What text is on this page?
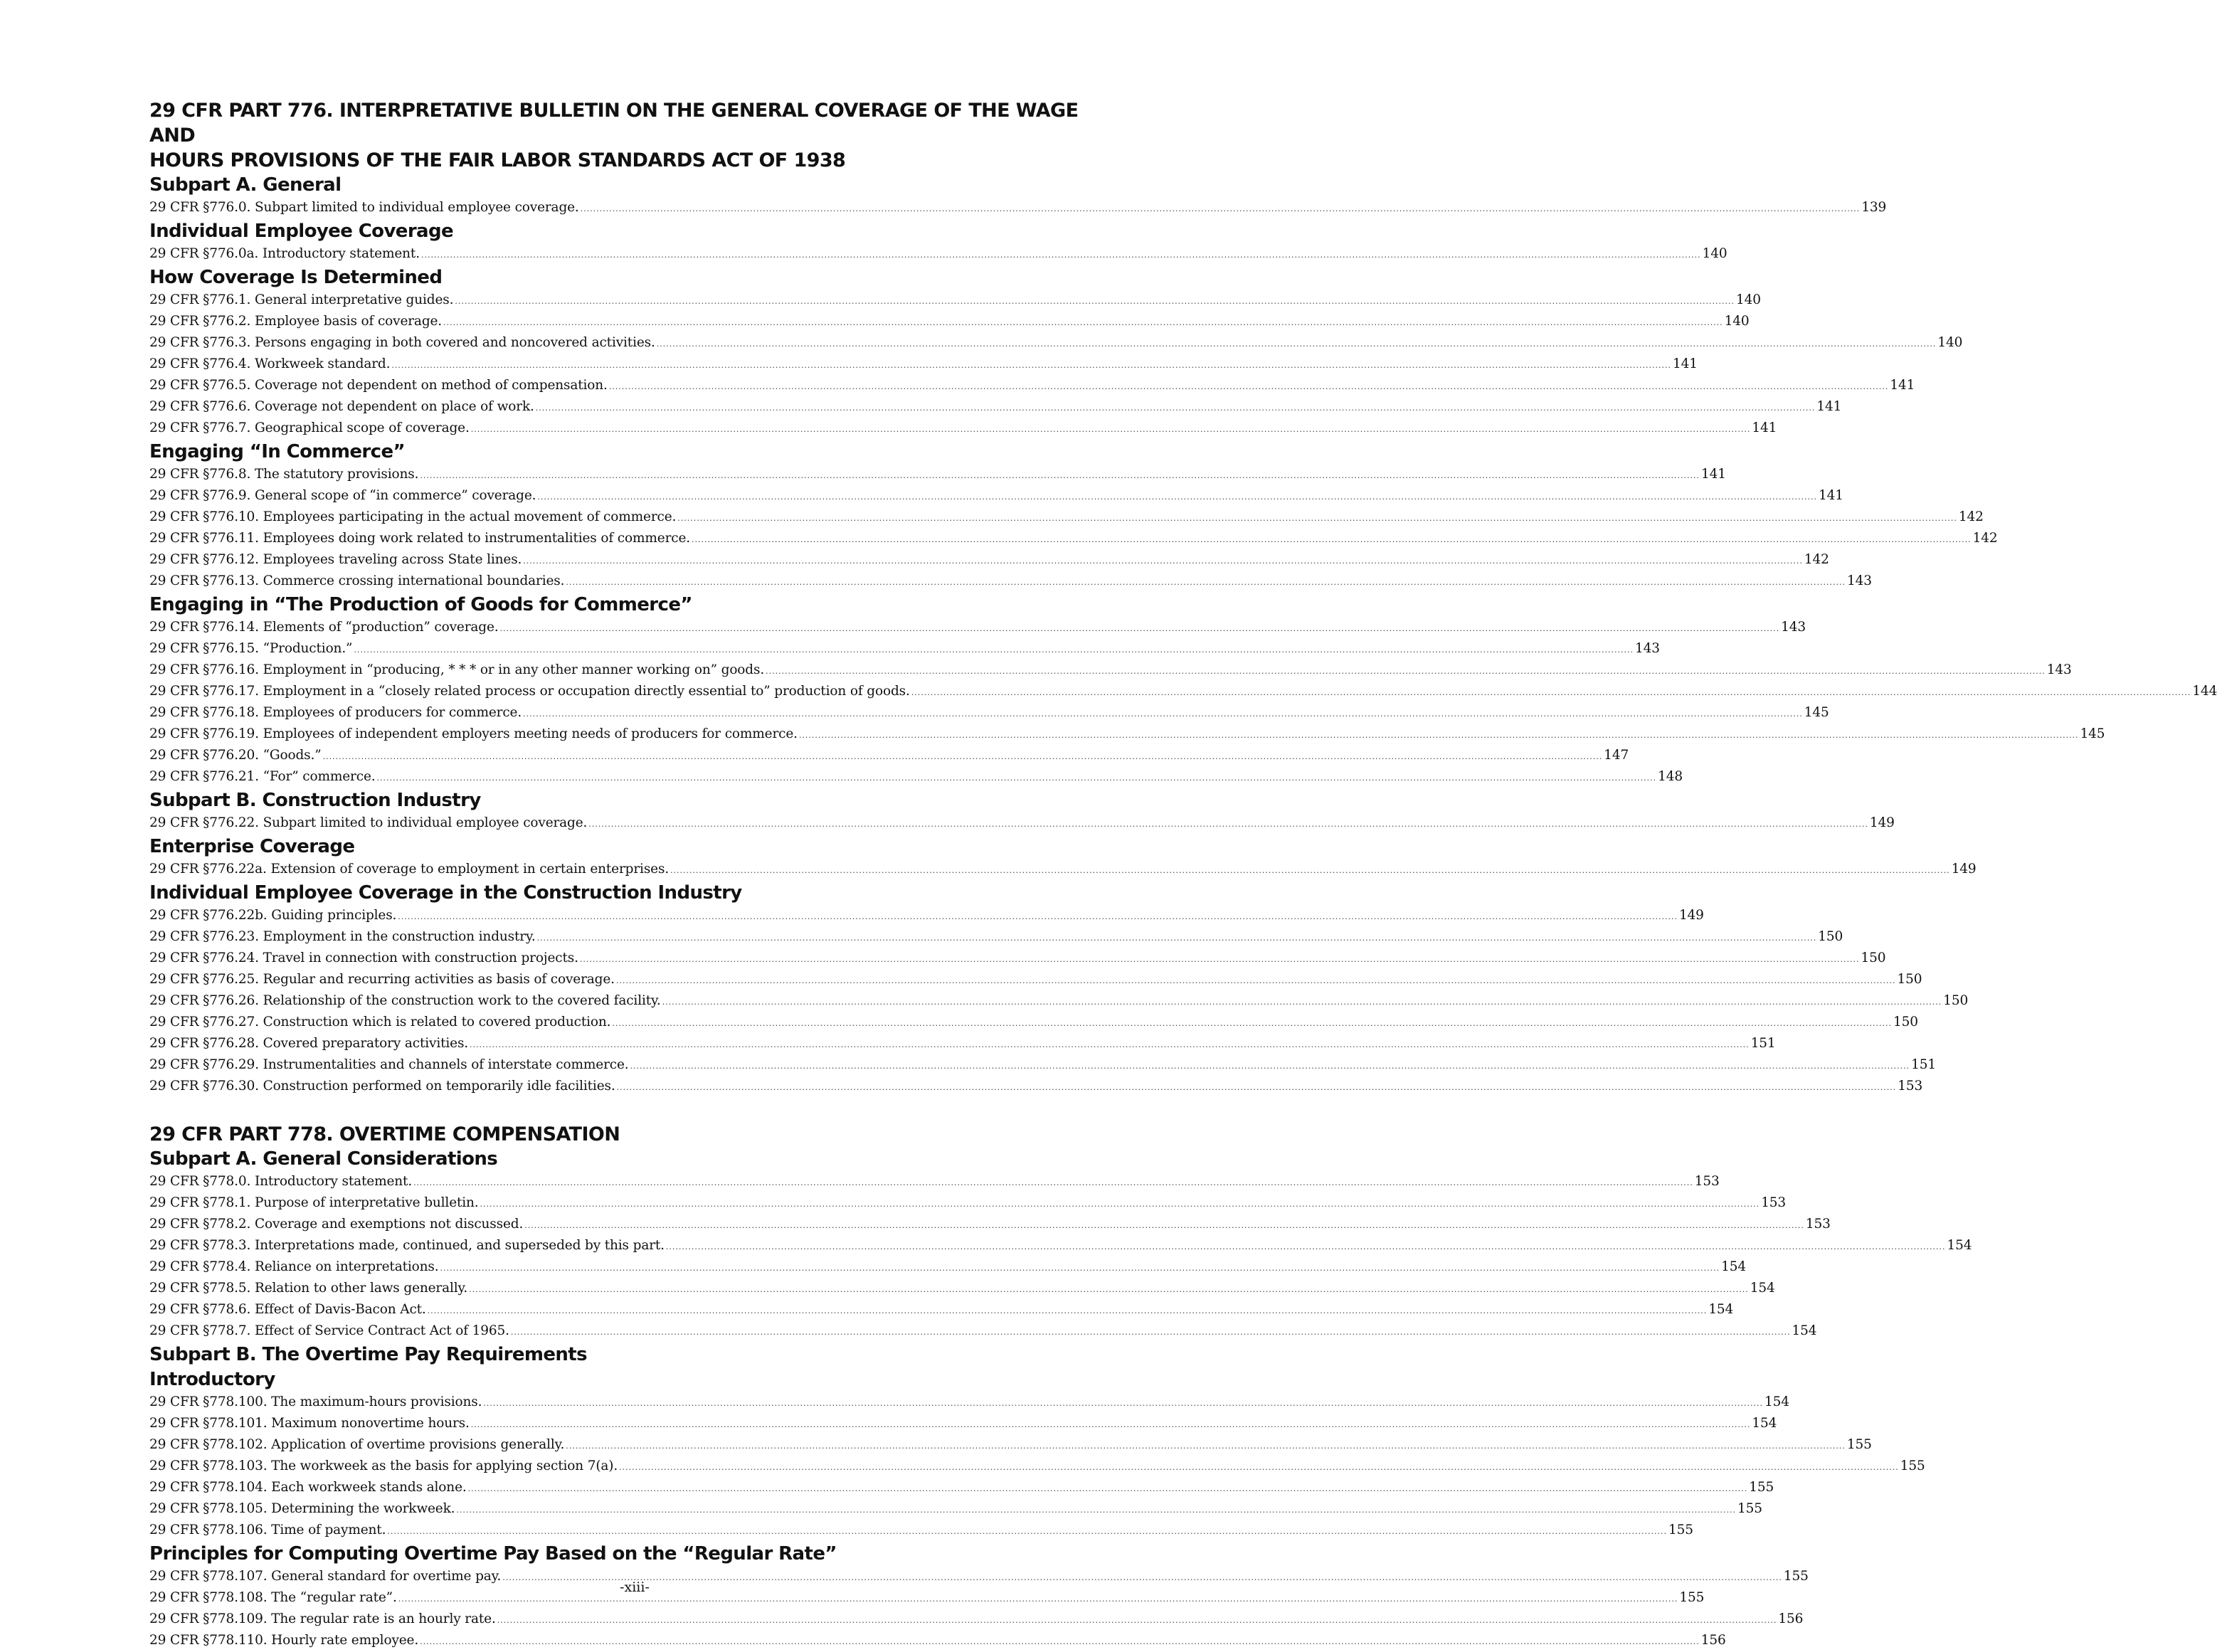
29 CFR PART 776. INTERPRETATIVE BULLETIN ON THE GENERAL COVERAGE OF THE WAGE AND
HOURS PROVISIONS OF THE FAIR LABOR STANDARDS ACT OF 1938
Subpart A. General
29 CFR §776.0. Subpart limited to individual employee coverage. ................................................................................................................................................................................................................................................................................................................................................................................................................ 139
Individual Employee Coverage
29 CFR §776.0a. Introductory statement. ................................................................................................................................................................................................................................................................................................................................................................................................................ 140
How Coverage Is Determined
29 CFR §776.1. General interpretative guides. ................................................................................................................................................................................................................................................................................................................................................................................................................ 140
29 CFR §776.2. Employee basis of coverage. ................................................................................................................................................................................................................................................................................................................................................................................................................ 140
29 CFR §776.3. Persons engaging in both covered and noncovered activities. ................................................................................................................................................................................................................................................................................................................................................................................................................ 140
29 CFR §776.4. Workweek standard. ................................................................................................................................................................................................................................................................................................................................................................................................................ 141
29 CFR §776.5. Coverage not dependent on method of compensation. ................................................................................................................................................................................................................................................................................................................................................................................................................ 141
29 CFR §776.6. Coverage not dependent on place of work. ................................................................................................................................................................................................................................................................................................................................................................................................................ 141
29 CFR §776.7. Geographical scope of coverage. ................................................................................................................................................................................................................................................................................................................................................................................................................ 141
Engaging “In Commerce”
29 CFR §776.8. The statutory provisions. ................................................................................................................................................................................................................................................................................................................................................................................................................ 141
29 CFR §776.9. General scope of “in commerce” coverage. ................................................................................................................................................................................................................................................................................................................................................................................................................ 141
29 CFR §776.10. Employees participating in the actual movement of commerce. ................................................................................................................................................................................................................................................................................................................................................................................................................ 142
29 CFR §776.11. Employees doing work related to instrumentalities of commerce. ................................................................................................................................................................................................................................................................................................................................................................................................................ 142
29 CFR §776.12. Employees traveling across State lines. ................................................................................................................................................................................................................................................................................................................................................................................................................ 142
29 CFR §776.13. Commerce crossing international boundaries. ................................................................................................................................................................................................................................................................................................................................................................................................................ 143
Engaging in “The Production of Goods for Commerce”
29 CFR §776.14. Elements of “production” coverage. ................................................................................................................................................................................................................................................................................................................................................................................................................ 143
29 CFR §776.15. “Production.” ................................................................................................................................................................................................................................................................................................................................................................................................................ 143
29 CFR §776.16. Employment in “producing, * * * or in any other manner working on” goods. ................................................................................................................................................................................................................................................................................................................................................................................................................ 143
29 CFR §776.17. Employment in a “closely related process or occupation directly essential to” production of goods. ................................................................................................................................................................................................................................................................................................................................................................................................................ 144
29 CFR §776.18. Employees of producers for commerce. ................................................................................................................................................................................................................................................................................................................................................................................................................ 145
29 CFR §776.19. Employees of independent employers meeting needs of producers for commerce. ................................................................................................................................................................................................................................................................................................................................................................................................................ 145
29 CFR §776.20. “Goods.” ................................................................................................................................................................................................................................................................................................................................................................................................................ 147
29 CFR §776.21. “For” commerce. ................................................................................................................................................................................................................................................................................................................................................................................................................ 148
Subpart B. Construction Industry
29 CFR §776.22. Subpart limited to individual employee coverage. ................................................................................................................................................................................................................................................................................................................................................................................................................ 149
Enterprise Coverage
29 CFR §776.22a. Extension of coverage to employment in certain enterprises. ................................................................................................................................................................................................................................................................................................................................................................................................................ 149
Individual Employee Coverage in the Construction Industry
29 CFR §776.22b. Guiding principles. ................................................................................................................................................................................................................................................................................................................................................................................................................ 149
29 CFR §776.23. Employment in the construction industry. ................................................................................................................................................................................................................................................................................................................................................................................................................ 150
29 CFR §776.24. Travel in connection with construction projects. ................................................................................................................................................................................................................................................................................................................................................................................................................ 150
29 CFR §776.25. Regular and recurring activities as basis of coverage. ................................................................................................................................................................................................................................................................................................................................................................................................................ 150
29 CFR §776.26. Relationship of the construction work to the covered facility. ................................................................................................................................................................................................................................................................................................................................................................................................................ 150
29 CFR §776.27. Construction which is related to covered production. ................................................................................................................................................................................................................................................................................................................................................................................................................ 150
29 CFR §776.28. Covered preparatory activities. ................................................................................................................................................................................................................................................................................................................................................................................................................ 151
29 CFR §776.29. Instrumentalities and channels of interstate commerce. ................................................................................................................................................................................................................................................................................................................................................................................................................ 151
29 CFR §776.30. Construction performed on temporarily idle facilities. ................................................................................................................................................................................................................................................................................................................................................................................................................ 153
29 CFR PART 778. OVERTIME COMPENSATION
Subpart A. General Considerations
29 CFR §778.0. Introductory statement. ................................................................................................................................................................................................................................................................................................................................................................................................................ 153
29 CFR §778.1. Purpose of interpretative bulletin. ................................................................................................................................................................................................................................................................................................................................................................................................................ 153
29 CFR §778.2. Coverage and exemptions not discussed. ................................................................................................................................................................................................................................................................................................................................................................................................................ 153
29 CFR §778.3. Interpretations made, continued, and superseded by this part. ................................................................................................................................................................................................................................................................................................................................................................................................................ 154
29 CFR §778.4. Reliance on interpretations. ................................................................................................................................................................................................................................................................................................................................................................................................................ 154
29 CFR §778.5. Relation to other laws generally. ................................................................................................................................................................................................................................................................................................................................................................................................................ 154
29 CFR §778.6. Effect of Davis-Bacon Act. ................................................................................................................................................................................................................................................................................................................................................................................................................ 154
29 CFR §778.7. Effect of Service Contract Act of 1965. ................................................................................................................................................................................................................................................................................................................................................................................................................ 154
Subpart B. The Overtime Pay Requirements
Introductory
29 CFR §778.100. The maximum-hours provisions. ................................................................................................................................................................................................................................................................................................................................................................................................................ 154
29 CFR §778.101. Maximum nonovertime hours. ................................................................................................................................................................................................................................................................................................................................................................................................................ 154
29 CFR §778.102. Application of overtime provisions generally. ................................................................................................................................................................................................................................................................................................................................................................................................................ 155
29 CFR §778.103. The workweek as the basis for applying section 7(a). ................................................................................................................................................................................................................................................................................................................................................................................................................ 155
29 CFR §778.104. Each workweek stands alone. ................................................................................................................................................................................................................................................................................................................................................................................................................ 155
29 CFR §778.105. Determining the workweek. ................................................................................................................................................................................................................................................................................................................................................................................................................ 155
29 CFR §778.106. Time of payment. ................................................................................................................................................................................................................................................................................................................................................................................................................ 155
Principles for Computing Overtime Pay Based on the “Regular Rate”
29 CFR §778.107. General standard for overtime pay. ................................................................................................................................................................................................................................................................................................................................................................................................................ 155
29 CFR §778.108. The “regular rate”. ................................................................................................................................................................................................................................................................................................................................................................................................................ 155
29 CFR §778.109. The regular rate is an hourly rate. ................................................................................................................................................................................................................................................................................................................................................................................................................ 156
29 CFR §778.110. Hourly rate employee. ................................................................................................................................................................................................................................................................................................................................................................................................................ 156
-xiii-
